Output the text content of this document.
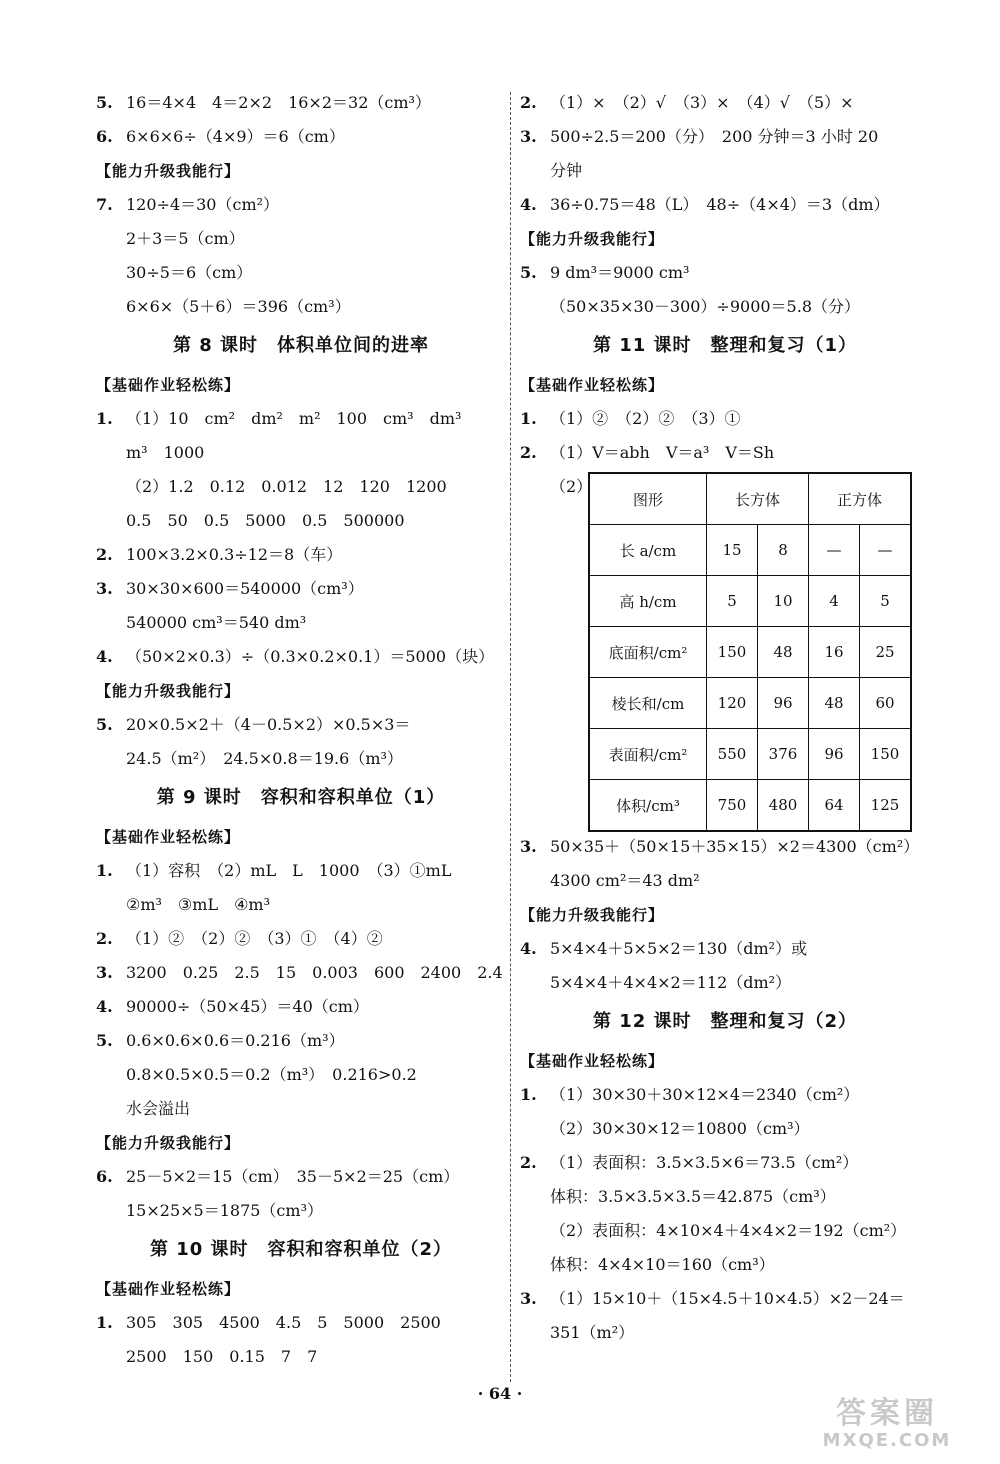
5. 16＝4×4　4＝2×2　16×2＝32（cm³）
6. 6×6×6÷（4×9）＝6（cm）
【能力升级我能行】
7. 120÷4＝30（cm²）
2＋3＝5（cm）
30÷5＝6（cm）
6×6×（5＋6）＝396（cm³）
第 8 课时　体积单位间的进率
【基础作业轻松练】
1. （1）10　cm²　dm²　m²　100　cm³　dm³
m³　1000
（2）1.2　0.12　0.012　12　120　1200
0.5　50　0.5　5000　0.5　500000
2. 100×3.2×0.3÷12＝8（车）
3. 30×30×600＝540000（cm³）
540000 cm³＝540 dm³
4. （50×2×0.3）÷（0.3×0.2×0.1）＝5000（块）
【能力升级我能行】
5. 20×0.5×2＋（4－0.5×2）×0.5×3＝
24.5（m²）　24.5×0.8＝19.6（m³）
第 9 课时　容积和容积单位（1）
【基础作业轻松练】
1. （1）容积　（2）mL　L　1000　（3）①mL
②m³　③mL　④m³
2. （1）②　（2）②　（3）①　（4）②
3. 3200　0.25　2.5　15　0.003　600　2400　2.4
4. 90000÷（50×45）＝40（cm）
5. 0.6×0.6×0.6＝0.216（m³）
0.8×0.5×0.5＝0.2（m³）　0.216>0.2
水会溢出
【能力升级我能行】
6. 25－5×2＝15（cm）　35－5×2＝25（cm）
15×25×5＝1875（cm³）
第 10 课时　容积和容积单位（2）
【基础作业轻松练】
1. 305　305　4500　4.5　5　5000　2500
2500　150　0.15　7　7
2. （1）×　（2）√　（3）×　（4）√　（5）×
3. 500÷2.5＝200（分）　200 分钟＝3 小时 20
分钟
4. 36÷0.75＝48（L）　48÷（4×4）＝3（dm）
【能力升级我能行】
5. 9 dm³＝9000 cm³
（50×35×30－300）÷9000＝5.8（分）
第 11 课时　整理和复习（1）
【基础作业轻松练】
1. （1）②　（2）②　（3）①
2. （1）V＝abh　V＝a³　V＝Sh
（2）
图形	长方体		正方体	
长 a/cm	15	8	—	—
高 h/cm	5	10	4	5
底面积/cm²	150	48	16	25
棱长和/cm	120	96	48	60
表面积/cm²	550	376	96	150
体积/cm³	750	480	64	125
3. 50×35＋（50×15＋35×15）×2＝4300（cm²）
4300 cm²＝43 dm²
【能力升级我能行】
4. 5×4×4＋5×5×2＝130（dm²）或
5×4×4＋4×4×2＝112（dm²）
第 12 课时　整理和复习（2）
【基础作业轻松练】
1. （1）30×30＋30×12×4＝2340（cm²）
（2）30×30×12＝10800（cm³）
2. （1）表面积：3.5×3.5×6＝73.5（cm²）
体积：3.5×3.5×3.5＝42.875（cm³）
（2）表面积：4×10×4＋4×4×2＝192（cm²）
体积：4×4×10＝160（cm³）
3. （1）15×10＋（15×4.5＋10×4.5）×2－24＝
351（m²）
· 64 ·
答案圈
MXQE.COM
